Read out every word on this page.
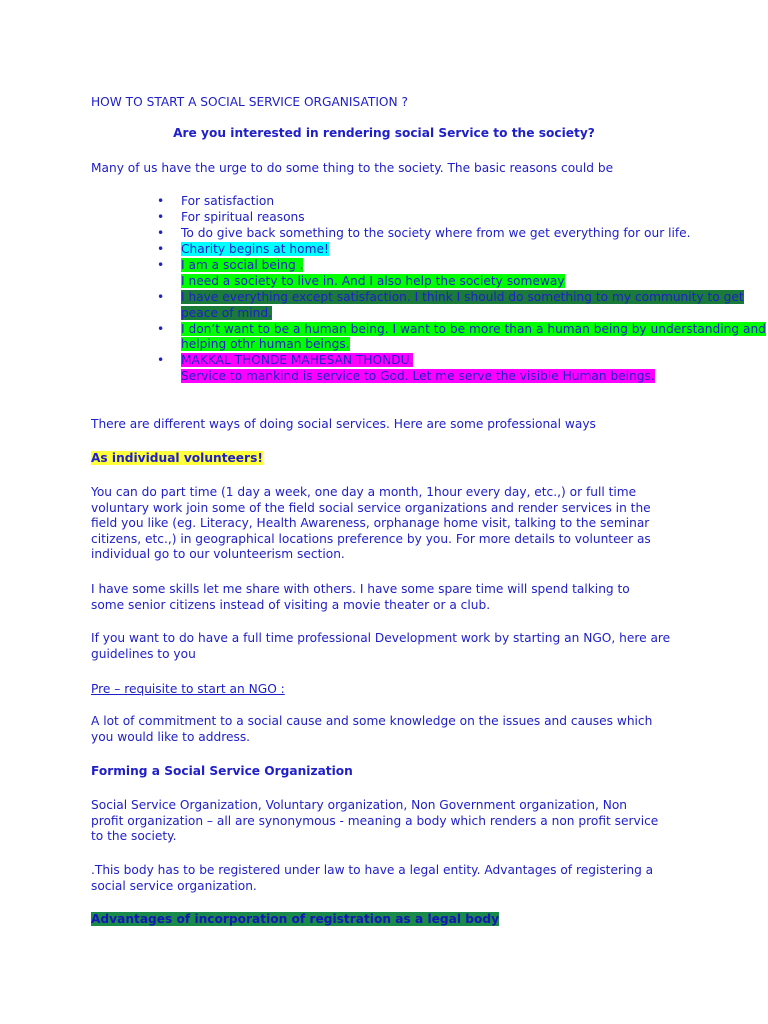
HOW TO START A SOCIAL SERVICE ORGANISATION ?
Are you interested in rendering social Service to the society?
Many of us have the urge to do some thing to the society. The basic reasons could be
• For satisfaction
• For spiritual reasons
• To do give back something to the society where from we get everything for our life.
• Charity begins at home!
• I am a social being .
I need a society to live in. And I also help the society someway
• I have everything except satisfaction. I think I should do something to my community to get peace of mind.
• I don’t want to be a human being. I want to be more than a human being by understanding and helping othr human beings.
• MAKKAL THONDE MAHESAN THONDU.
Service to mankind is service to God. Let me serve the visible Human beings.
There are different ways of doing social services. Here are some professional ways
As individual volunteers!
You can do part time (1 day a week, one day a month, 1hour every day, etc.,) or full time voluntary work join some of the field social service organizations and render services in the field you like (eg. Literacy, Health Awareness, orphanage home visit, talking to the seminar citizens, etc.,) in geographical locations preference by you. For more details to volunteer as individual go to our volunteerism section.
I have some skills let me share with others. I have some spare time will spend talking to some senior citizens instead of visiting a movie theater or a club.
If you want to do have a full time professional Development work by starting an NGO, here are guidelines to you
Pre – requisite to start an NGO :
A lot of commitment to a social cause and some knowledge on the issues and causes which you would like to address.
Forming a Social Service Organization
Social Service Organization, Voluntary organization, Non Government organization, Non profit organization – all are synonymous - meaning a body which renders a non profit service to the society.
.This body has to be registered under law to have a legal entity. Advantages of registering a social service organization.
Advantages of incorporation of registration as a legal body
